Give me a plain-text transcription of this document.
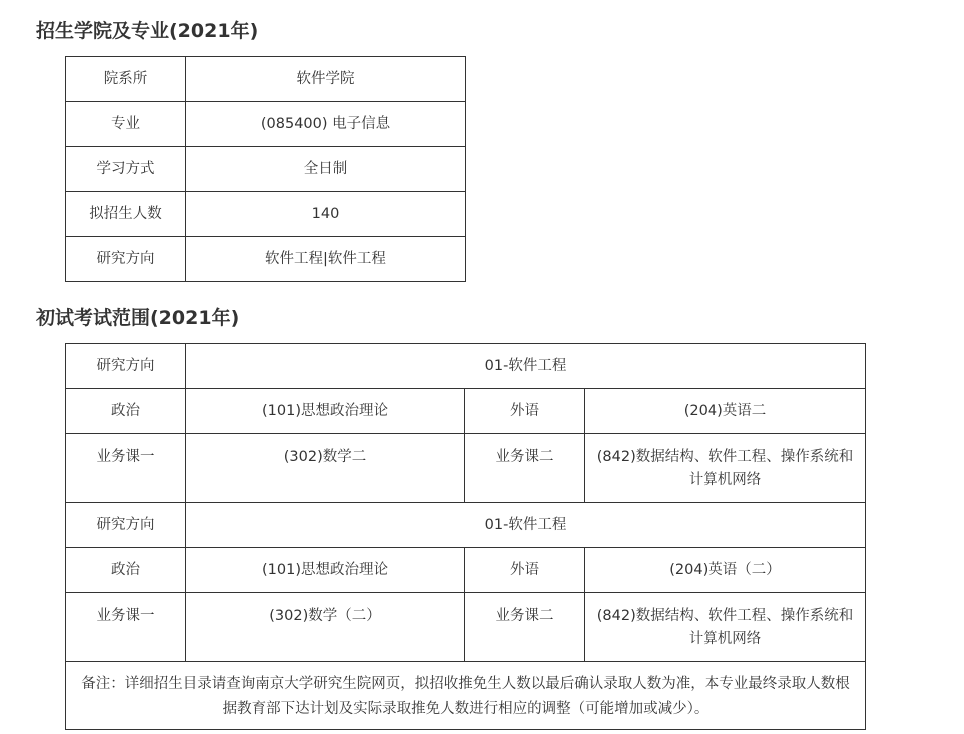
招生学院及专业(2021年)
院系所	软件学院
专业	(085400) 电子信息
学习方式	全日制
拟招生人数	140
研究方向	软件工程|软件工程
初试考试范围(2021年)
研究方向	01-软件工程		
政治	(101)思想政治理论	外语	(204)英语二
业务课一	(302)数学二	业务课二	(842)数据结构、软件工程、操作系统和计算机网络
研究方向	01-软件工程		
政治	(101)思想政治理论	外语	(204)英语（二）
业务课一	(302)数学（二）	业务课二	(842)数据结构、软件工程、操作系统和计算机网络
备注：详细招生目录请查询南京大学研究生院网页，拟招收推免生人数以最后确认录取人数为准，本专业最终录取人数根据教育部下达计划及实际录取推免人数进行相应的调整（可能增加或减少）。			
